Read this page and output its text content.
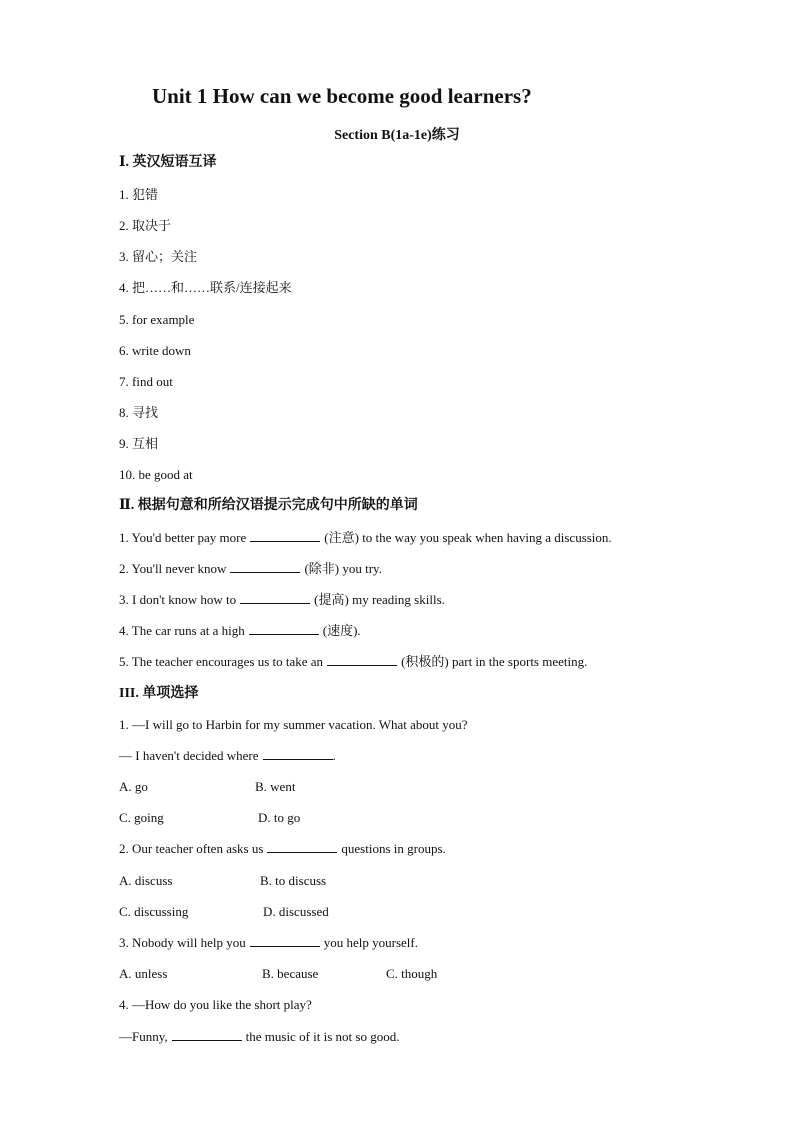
Unit 1 How can we become good learners?
Section B(1a-1e)练习
Ⅰ. 英汉短语互译
1. 犯错
2. 取决于
3. 留心；关注
4. 把……和……联系/连接起来
5. for example
6. write down
7. find out
8. 寻找
9. 互相
10. be good at
Ⅱ. 根据句意和所给汉语提示完成句中所缺的单词
1. You'd better pay more	(注意) to the way you speak when having a discussion.
2. You'll never know	(除非) you try.
3. I don't know how to	(提高) my reading skills.
4. The car runs at a high	(速度).
5. The teacher encourages us to take an	(积极的) part in the sports meeting.
III. 单项选择
1. —I will go to Harbin for my summer vacation. What about you?
— I haven't decided where	.
A. go	B. went
C. going	D. to go
2. Our teacher often asks us	questions in groups.
A. discuss	B. to discuss
C. discussing	D. discussed
3. Nobody will help you	you help yourself.
A. unless	B. because	C. though
4. —How do you like the short play?
—Funny,	the music of it is not so good.
